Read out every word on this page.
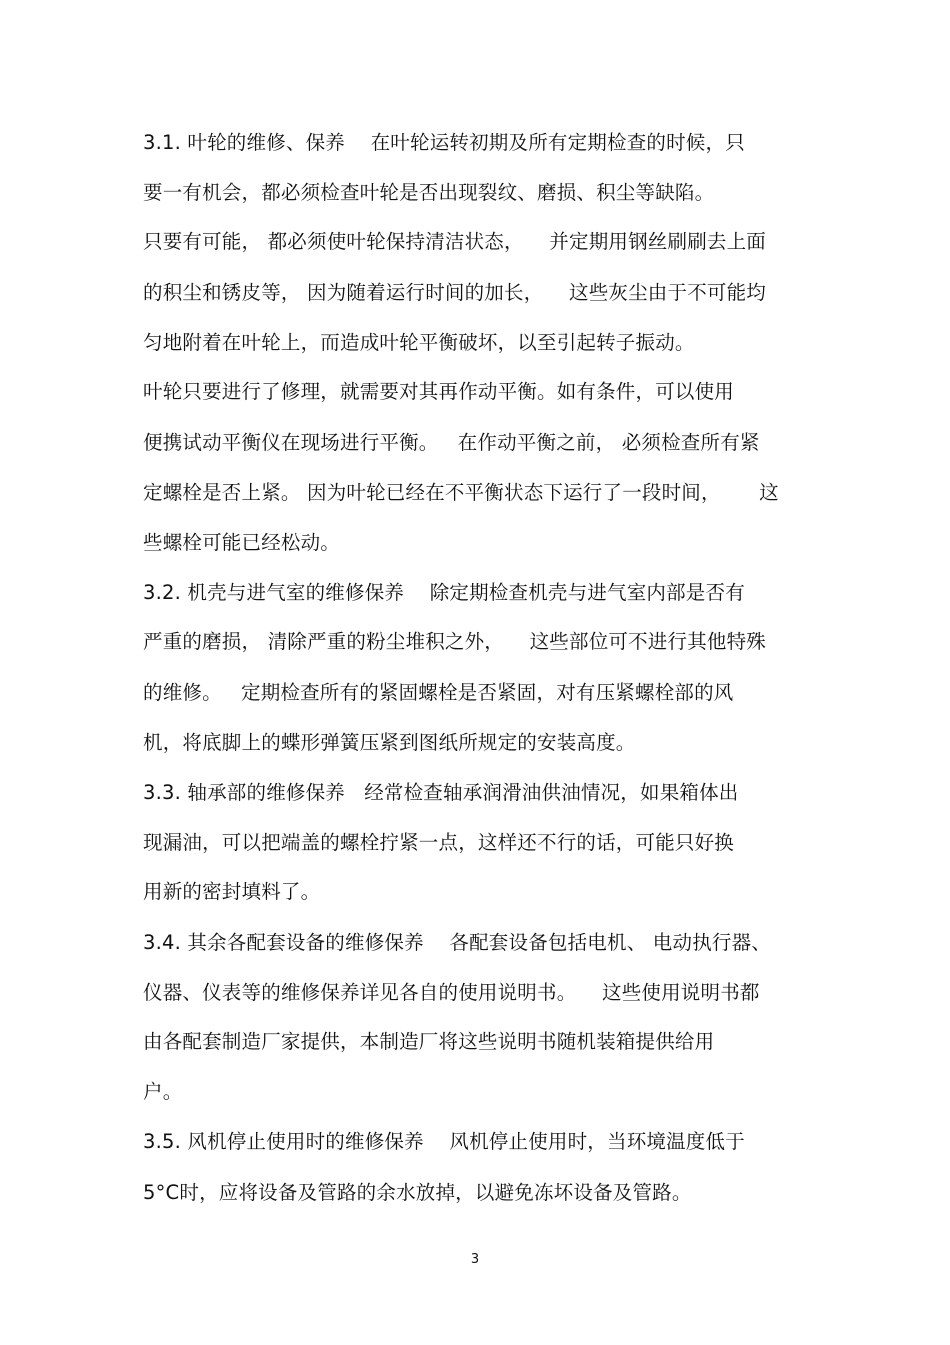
3.1. 叶轮的维修、保养    在叶轮运转初期及所有定期检查的时候，只
要一有机会，都必须检查叶轮是否出现裂纹、磨损、积尘等缺陷。
只要有可能， 都必须使叶轮保持清洁状态，    并定期用钢丝刷刷去上面
的积尘和锈皮等， 因为随着运行时间的加长，    这些灰尘由于不可能均
匀地附着在叶轮上，而造成叶轮平衡破坏，以至引起转子振动。
叶轮只要进行了修理，就需要对其再作动平衡。如有条件，可以使用
便携试动平衡仪在现场进行平衡。   在作动平衡之前， 必须检查所有紧
定螺栓是否上紧。 因为叶轮已经在不平衡状态下运行了一段时间，      这
些螺栓可能已经松动。
3.2. 机壳与进气室的维修保养    除定期检查机壳与进气室内部是否有
严重的磨损， 清除严重的粉尘堆积之外，    这些部位可不进行其他特殊
的维修。   定期检查所有的紧固螺栓是否紧固，对有压紧螺栓部的风
机，将底脚上的蝶形弹簧压紧到图纸所规定的安装高度。
3.3. 轴承部的维修保养   经常检查轴承润滑油供油情况，如果箱体出
现漏油，可以把端盖的螺栓拧紧一点，这样还不行的话，可能只好换
用新的密封填料了。
3.4. 其余各配套设备的维修保养    各配套设备包括电机、 电动执行器、
仪器、仪表等的维修保养详见各自的使用说明书。    这些使用说明书都
由各配套制造厂家提供，本制造厂将这些说明书随机装箱提供给用
户。
3.5. 风机停止使用时的维修保养    风机停止使用时，当环境温度低于
5°C时，应将设备及管路的余水放掉，以避免冻坏设备及管路。
3
